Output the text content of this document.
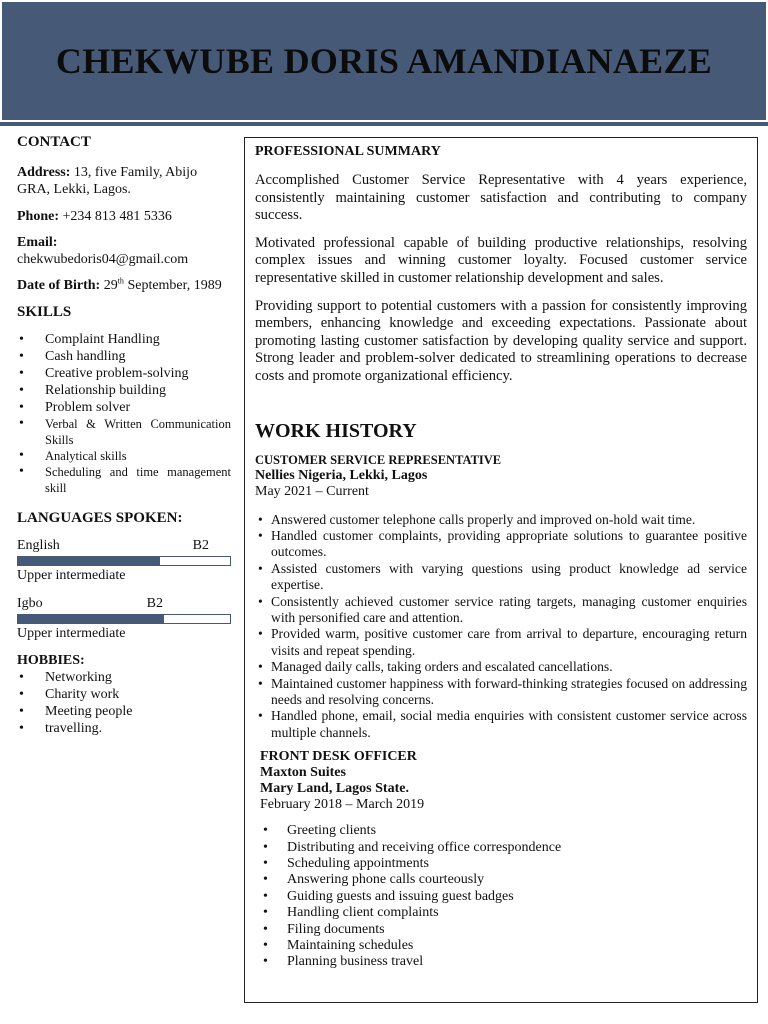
CHEKWUBE DORIS AMANDIANAEZE

CONTACT

Address: 13, five Family, Abijo GRA, Lekki, Lagos.

Phone: +234 813 481 5336

Email: chekwubedoris04@gmail.com

Date of Birth: 29th September, 1989

SKILLS

• Complaint Handling
• Cash handling
• Creative problem-solving
• Relationship building
• Problem solver
• Verbal & Written Communication Skills
• Analytical skills
• Scheduling and time management skill

LANGUAGES SPOKEN:

English	B2
Upper intermediate
Igbo	B2
Upper intermediate

HOBBIES:

• Networking
• Charity work
• Meeting people
• travelling.

PROFESSIONAL SUMMARY

Accomplished Customer Service Representative with 4 years experience, consistently maintaining customer satisfaction and contributing to company success.

Motivated professional capable of building productive relationships, resolving complex issues and winning customer loyalty. Focused customer service representative skilled in customer relationship development and sales.

Providing support to potential customers with a passion for consistently improving members, enhancing knowledge and exceeding expectations. Passionate about promoting lasting customer satisfaction by developing quality service and support. Strong leader and problem-solver dedicated to streamlining operations to decrease costs and promote organizational efficiency.

WORK HISTORY

CUSTOMER SERVICE REPRESENTATIVE

Nellies Nigeria, Lekki, Lagos

May 2021 – Current

• Answered customer telephone calls properly and improved on-hold wait time.
• Handled customer complaints, providing appropriate solutions to guarantee positive outcomes.
• Assisted customers with varying questions using product knowledge ad service expertise.
• Consistently achieved customer service rating targets, managing customer enquiries with personified care and attention.
• Provided warm, positive customer care from arrival to departure, encouraging return visits and repeat spending.
• Managed daily calls, taking orders and escalated cancellations.
• Maintained customer happiness with forward-thinking strategies focused on addressing needs and resolving concerns.
• Handled phone, email, social media enquiries with consistent customer service across multiple channels.

FRONT DESK OFFICER

Maxton Suites

Mary Land, Lagos State.

February 2018 – March 2019

• Greeting clients
• Distributing and receiving office correspondence
• Scheduling appointments
• Answering phone calls courteously
• Guiding guests and issuing guest badges
• Handling client complaints
• Filing documents
• Maintaining schedules
• Planning business travel
